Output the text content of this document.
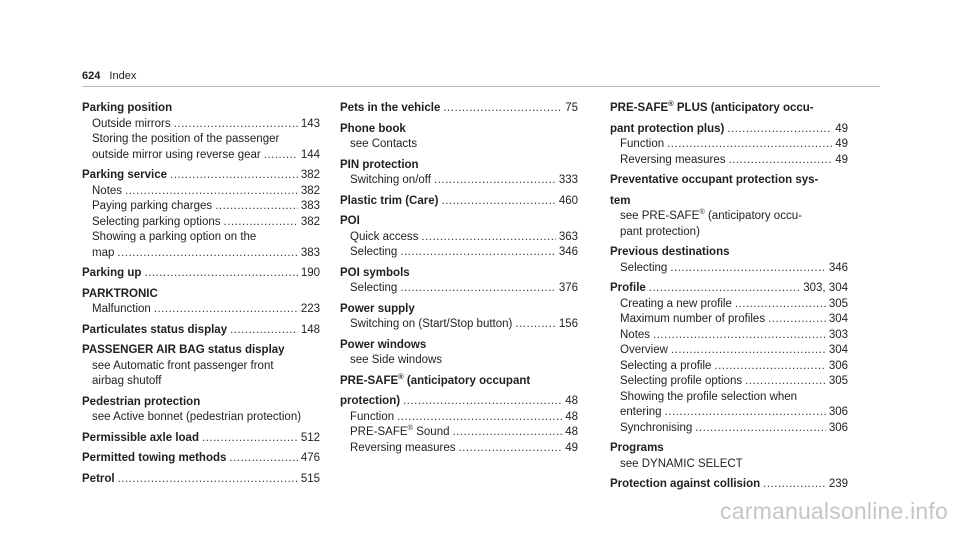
624 Index
Parking position
Outside mirrors .....	143
Storing the position of the passenger
outside mirror using reverse gear .....	144
Parking service .....	382
Notes .....	382
Paying parking charges .....	383
Selecting parking options .....	382
Showing a parking option on the
map .....	383
Parking up .....	190
PARKTRONIC
Malfunction .....	223
Particulates status display .....	148
PASSENGER AIR BAG status display
see Automatic front passenger front
airbag shutoff
Pedestrian protection
see Active bonnet (pedestrian protection)
Permissible axle load .....	512
Permitted towing methods .....	476
Petrol .....	515
Pets in the vehicle .....	75
Phone book
see Contacts
PIN protection
Switching on/off .....	333
Plastic trim (Care) .....	460
POI
Quick access .....	363
Selecting .....	346
POI symbols
Selecting .....	376
Power supply
Switching on (Start/Stop button) .....	156
Power windows
see Side windows
PRE-SAFE® (anticipatory occupant
protection) .....	48
Function .....	48
PRE-SAFE® Sound .....	48
Reversing measures .....	49
PRE-SAFE® PLUS (anticipatory occu-
pant protection plus) .....	49
Function .....	49
Reversing measures .....	49
Preventative occupant protection sys-
tem
see PRE-SAFE® (anticipatory occu-
pant protection)
Previous destinations
Selecting .....	346
Profile .....	303, 304
Creating a new profile .....	305
Maximum number of profiles .....	304
Notes .....	303
Overview .....	304
Selecting a profile .....	306
Selecting profile options .....	305
Showing the profile selection when
entering .....	306
Synchronising .....	306
Programs
see DYNAMIC SELECT
Protection against collision .....	239
carmanualsonline.info
